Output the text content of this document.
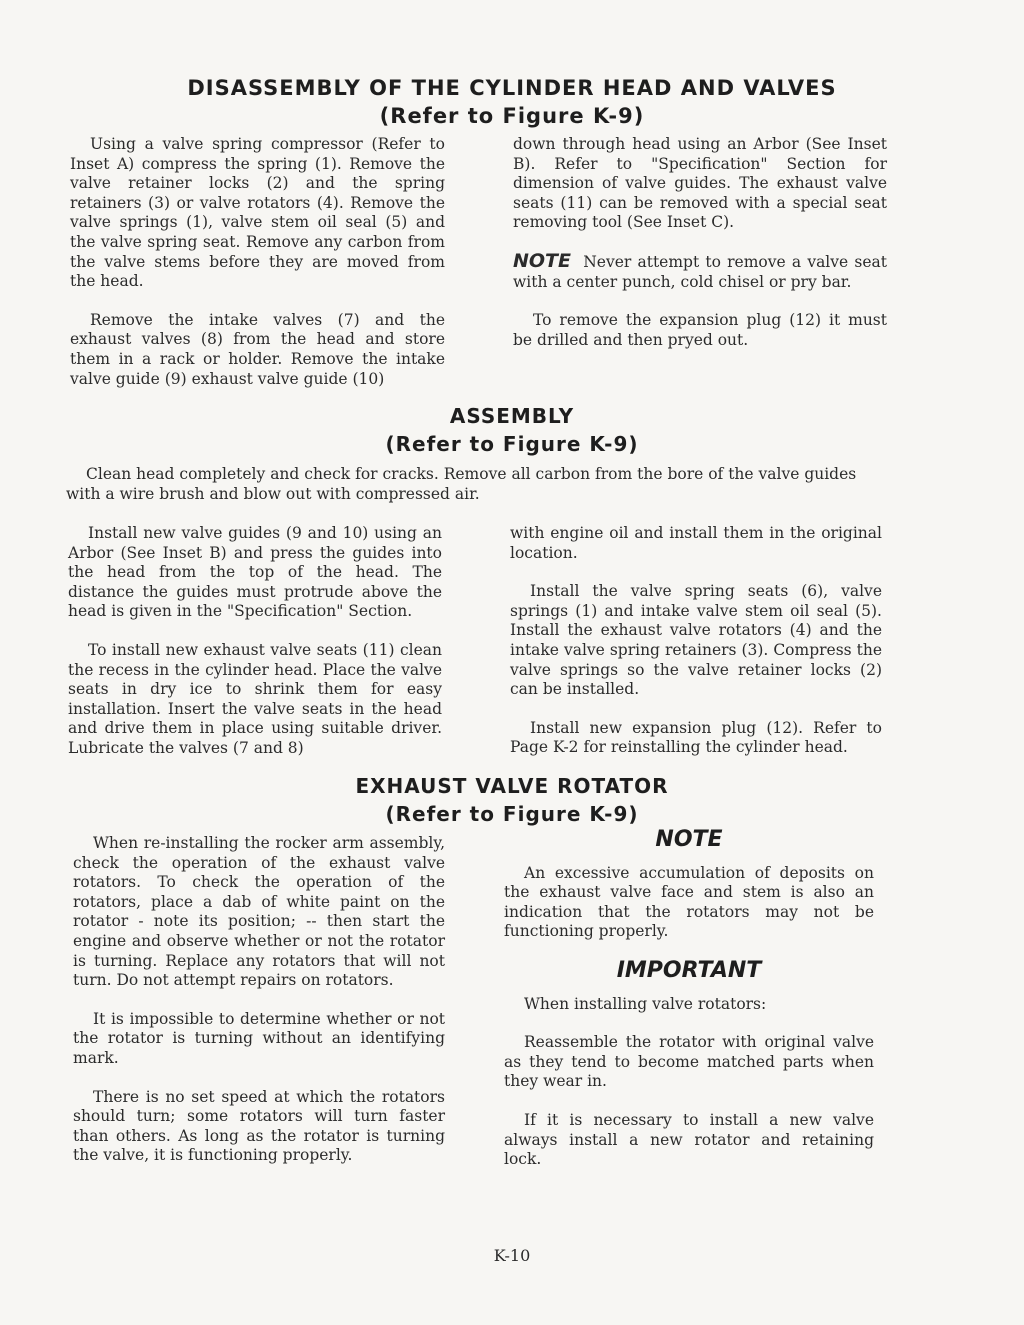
DISASSEMBLY OF THE CYLINDER HEAD AND VALVES
(Refer to Figure K-9)

Using a valve spring compressor (Refer to Inset A) compress the spring (1). Remove the valve retainer locks (2) and the spring retainers (3) or valve rotators (4). Remove the valve springs (1), valve stem oil seal (5) and the valve spring seat. Remove any carbon from the valve stems before they are moved from the head.

Remove the intake valves (7) and the exhaust valves (8) from the head and store them in a rack or holder. Remove the intake valve guide (9) exhaust valve guide (10)

down through head using an Arbor (See Inset B). Refer to "Specification" Section for dimension of valve guides. The exhaust valve seats (11) can be removed with a special seat removing tool (See Inset C).

NOTE Never attempt to remove a valve seat with a center punch, cold chisel or pry bar.

To remove the expansion plug (12) it must be drilled and then pryed out.

ASSEMBLY
(Refer to Figure K-9)
Clean head completely and check for cracks. Remove all carbon from the bore of the valve guides with a wire brush and blow out with compressed air.

Install new valve guides (9 and 10) using an Arbor (See Inset B) and press the guides into the head from the top of the head. The distance the guides must protrude above the head is given in the "Specification" Section.

To install new exhaust valve seats (11) clean the recess in the cylinder head. Place the valve seats in dry ice to shrink them for easy installation. Insert the valve seats in the head and drive them in place using suitable driver. Lubricate the valves (7 and 8)

with engine oil and install them in the original location.

Install the valve spring seats (6), valve springs (1) and intake valve stem oil seal (5). Install the exhaust valve rotators (4) and the intake valve spring retainers (3). Compress the valve springs so the valve retainer locks (2) can be installed.

Install new expansion plug (12). Refer to Page K-2 for reinstalling the cylinder head.

EXHAUST VALVE ROTATOR
(Refer to Figure K-9)

When re-installing the rocker arm assembly, check the operation of the exhaust valve rotators. To check the operation of the rotators, place a dab of white paint on the rotator - note its position; -- then start the engine and observe whether or not the rotator is turning. Replace any rotators that will not turn. Do not attempt repairs on rotators.

It is impossible to determine whether or not the rotator is turning without an identifying mark.

There is no set speed at which the rotators should turn; some rotators will turn faster than others. As long as the rotator is turning the valve, it is functioning properly.

NOTE

An excessive accumulation of deposits on the exhaust valve face and stem is also an indication that the rotators may not be functioning properly.

IMPORTANT

When installing valve rotators:

Reassemble the rotator with original valve as they tend to become matched parts when they wear in.

If it is necessary to install a new valve always install a new rotator and retaining lock.

K-10
